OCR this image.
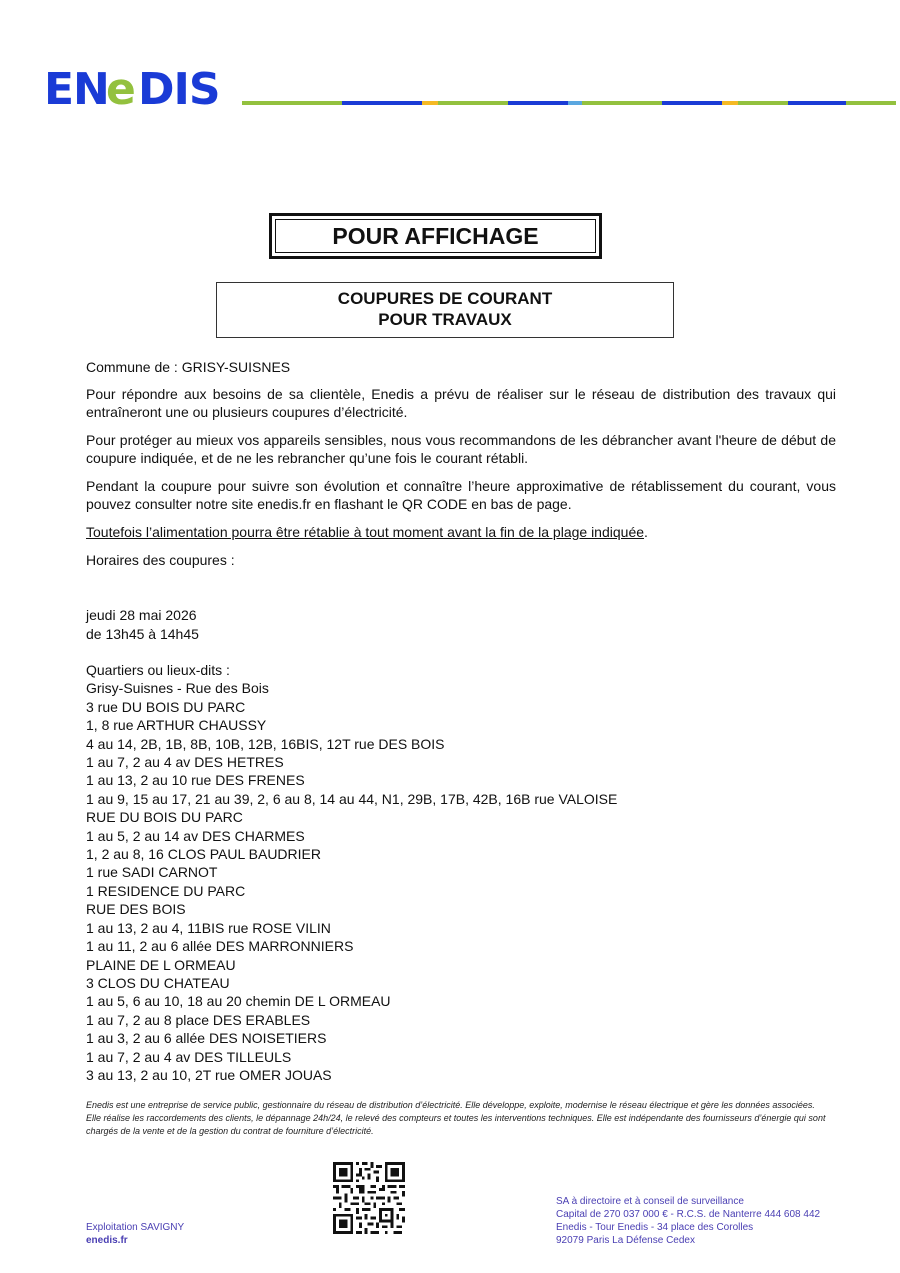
EN
e DIS
POUR AFFICHAGE
COUPURES DE COURANT
POUR TRAVAUX
Commune de : GRISY-SUISNES
Pour répondre aux besoins de sa clientèle, Enedis a prévu de réaliser sur le réseau de distribution des travaux qui entraîneront une ou plusieurs coupures d’électricité.
Pour protéger au mieux vos appareils sensibles, nous vous recommandons de les débrancher avant l'heure de début de coupure indiquée, et de ne les rebrancher qu’une fois le courant rétabli.
Pendant la coupure pour suivre son évolution et connaître l’heure approximative de rétablissement du courant, vous pouvez consulter notre site enedis.fr en flashant le QR CODE en bas de page.
Toutefois l’alimentation pourra être rétablie à tout moment avant la fin de la plage indiquée.
Horaires des coupures :
jeudi 28 mai 2026
de 13h45 à 14h45
Quartiers ou lieux-dits :
Grisy-Suisnes - Rue des Bois
3 rue DU BOIS DU PARC
1, 8 rue ARTHUR CHAUSSY
4 au 14, 2B, 1B, 8B, 10B, 12B, 16BIS, 12T rue DES BOIS
1 au 7, 2 au 4 av DES HETRES
1 au 13, 2 au 10 rue DES FRENES
1 au 9, 15 au 17, 21 au 39, 2, 6 au 8, 14 au 44, N1, 29B, 17B, 42B, 16B rue VALOISE
RUE DU BOIS DU PARC
1 au 5, 2 au 14 av DES CHARMES
1, 2 au 8, 16 CLOS PAUL BAUDRIER
1 rue SADI CARNOT
1 RESIDENCE DU PARC
RUE DES BOIS
1 au 13, 2 au 4, 11BIS rue ROSE VILIN
1 au 11, 2 au 6 allée DES MARRONNIERS
PLAINE DE L ORMEAU
3 CLOS DU CHATEAU
1 au 5, 6 au 10, 18 au 20 chemin DE L ORMEAU
1 au 7, 2 au 8 place DES ERABLES
1 au 3, 2 au 6 allée DES NOISETIERS
1 au 7, 2 au 4 av DES TILLEULS
3 au 13, 2 au 10, 2T rue OMER JOUAS
Enedis est une entreprise de service public, gestionnaire du réseau de distribution d’électricité. Elle développe, exploite, modernise le réseau électrique et gère les données associées. Elle réalise les raccordements des clients, le dépannage 24h/24, le relevé des compteurs et toutes les interventions techniques. Elle est indépendante des fournisseurs d’énergie qui sont chargés de la vente et de la gestion du contrat de fourniture d’électricité.
Exploitation SAVIGNY
enedis.fr
SA à directoire et à conseil de surveillance
Capital de 270 037 000 € - R.C.S. de Nanterre 444 608 442
Enedis - Tour Enedis - 34 place des Corolles
92079 Paris La Défense Cedex
